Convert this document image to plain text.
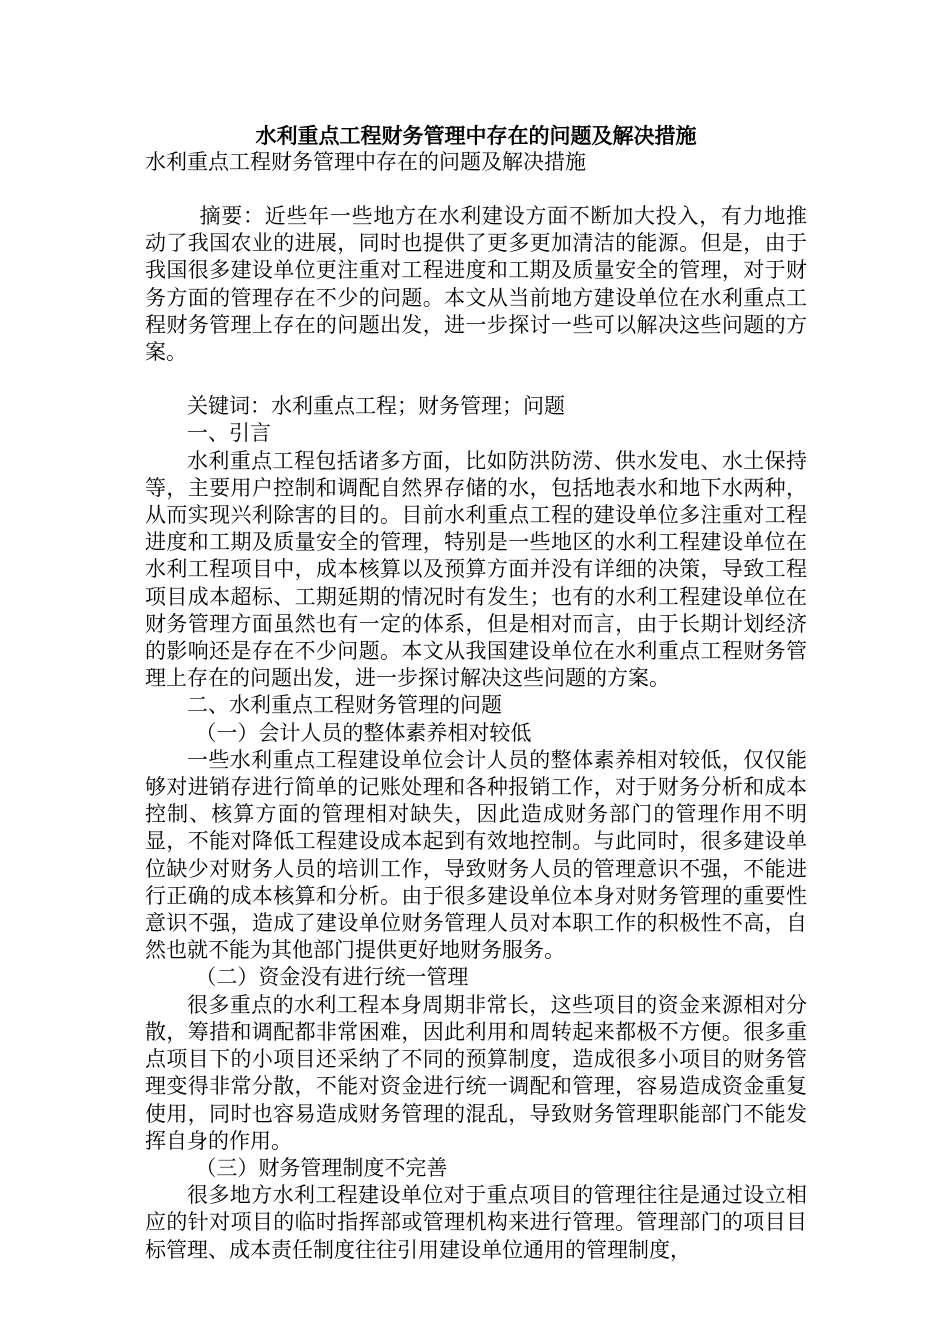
水利重点工程财务管理中存在的问题及解决措施
水利重点工程财务管理中存在的问题及解决措施

摘要：近些年一些地方在水利建设方面不断加大投入，有力地推动了我国农业的进展，同时也提供了更多更加清洁的能源。但是，由于我国很多建设单位更注重对工程进度和工期及质量安全的管理，对于财务方面的管理存在不少的问题。本文从当前地方建设单位在水利重点工程财务管理上存在的问题出发，进一步探讨一些可以解决这些问题的方案。

关键词：水利重点工程；财务管理；问题

一、引言

水利重点工程包括诸多方面，比如防洪防涝、供水发电、水土保持等，主要用户控制和调配自然界存储的水，包括地表水和地下水两种，从而实现兴利除害的目的。目前水利重点工程的建设单位多注重对工程进度和工期及质量安全的管理，特别是一些地区的水利工程建设单位在水利工程项目中，成本核算以及预算方面并没有详细的决策，导致工程项目成本超标、工期延期的情况时有发生；也有的水利工程建设单位在财务管理方面虽然也有一定的体系，但是相对而言，由于长期计划经济的影响还是存在不少问题。本文从我国建设单位在水利重点工程财务管理上存在的问题出发，进一步探讨解决这些问题的方案。

二、水利重点工程财务管理的问题

（一）会计人员的整体素养相对较低

一些水利重点工程建设单位会计人员的整体素养相对较低，仅仅能够对进销存进行简单的记账处理和各种报销工作，对于财务分析和成本控制、核算方面的管理相对缺失，因此造成财务部门的管理作用不明显，不能对降低工程建设成本起到有效地控制。与此同时，很多建设单位缺少对财务人员的培训工作，导致财务人员的管理意识不强，不能进行正确的成本核算和分析。由于很多建设单位本身对财务管理的重要性意识不强，造成了建设单位财务管理人员对本职工作的积极性不高，自然也就不能为其他部门提供更好地财务服务。

（二）资金没有进行统一管理

很多重点的水利工程本身周期非常长，这些项目的资金来源相对分散，筹措和调配都非常困难，因此利用和周转起来都极不方便。很多重点项目下的小项目还采纳了不同的预算制度，造成很多小项目的财务管理变得非常分散，不能对资金进行统一调配和管理，容易造成资金重复使用，同时也容易造成财务管理的混乱，导致财务管理职能部门不能发挥自身的作用。

（三）财务管理制度不完善

很多地方水利工程建设单位对于重点项目的管理往往是通过设立相应的针对项目的临时指挥部或管理机构来进行管理。管理部门的项目目标管理、成本责任制度往往引用建设单位通用的管理制度，
